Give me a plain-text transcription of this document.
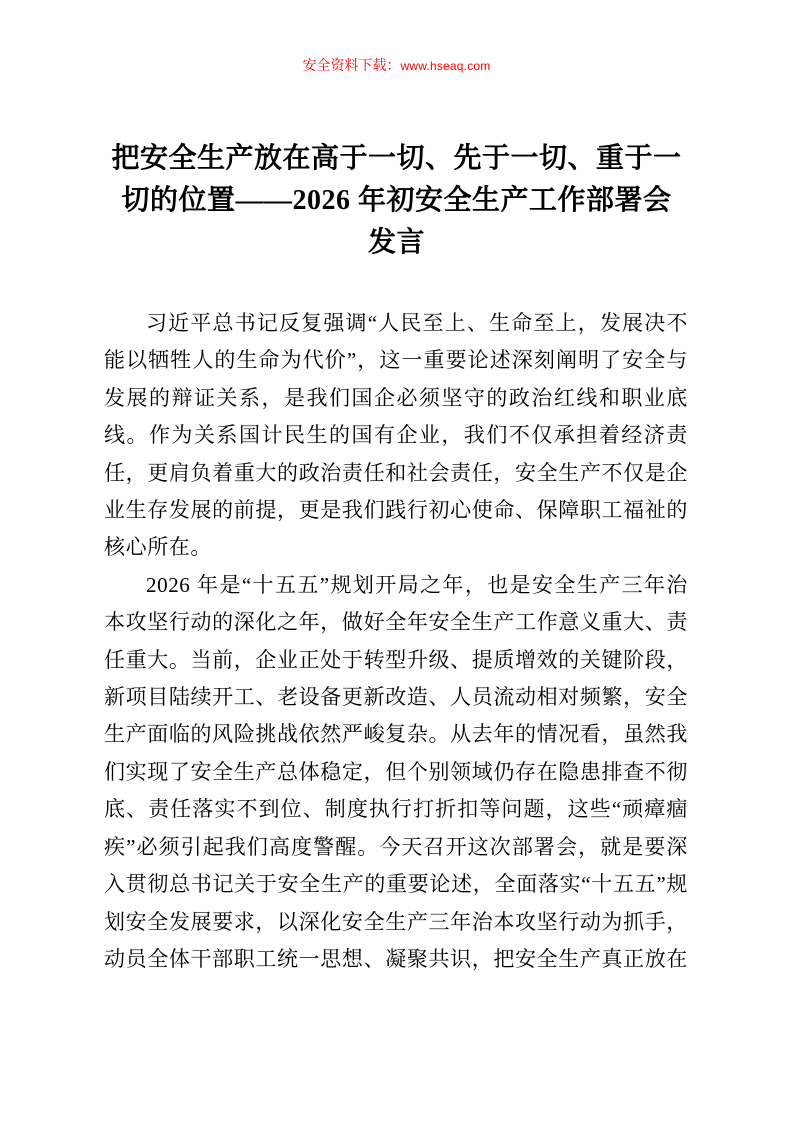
安全资料下载：www.hseaq.com
把安全生产放在高于一切、先于一切、重于一
切的位置——2026 年初安全生产工作部署会
发言

习近平总书记反复强调“人民至上、生命至上，发展决不能以牺牲人的生命为代价”，这一重要论述深刻阐明了安全与发展的辩证关系，是我们国企必须坚守的政治红线和职业底线。作为关系国计民生的国有企业，我们不仅承担着经济责任，更肩负着重大的政治责任和社会责任，安全生产不仅是企业生存发展的前提，更是我们践行初心使命、保障职工福祉的核心所在。

2026 年是“十五五”规划开局之年，也是安全生产三年治本攻坚行动的深化之年，做好全年安全生产工作意义重大、责任重大。当前，企业正处于转型升级、提质增效的关键阶段，新项目陆续开工、老设备更新改造、人员流动相对频繁，安全生产面临的风险挑战依然严峻复杂。从去年的情况看，虽然我们实现了安全生产总体稳定，但个别领域仍存在隐患排查不彻底、责任落实不到位、制度执行打折扣等问题，这些“顽瘴痼疾”必须引起我们高度警醒。今天召开这次部署会，就是要深入贯彻总书记关于安全生产的重要论述，全面落实“十五五”规划安全发展要求，以深化安全生产三年治本攻坚行动为抓手，动员全体干部职工统一思想、凝聚共识，把安全生产真正放在
